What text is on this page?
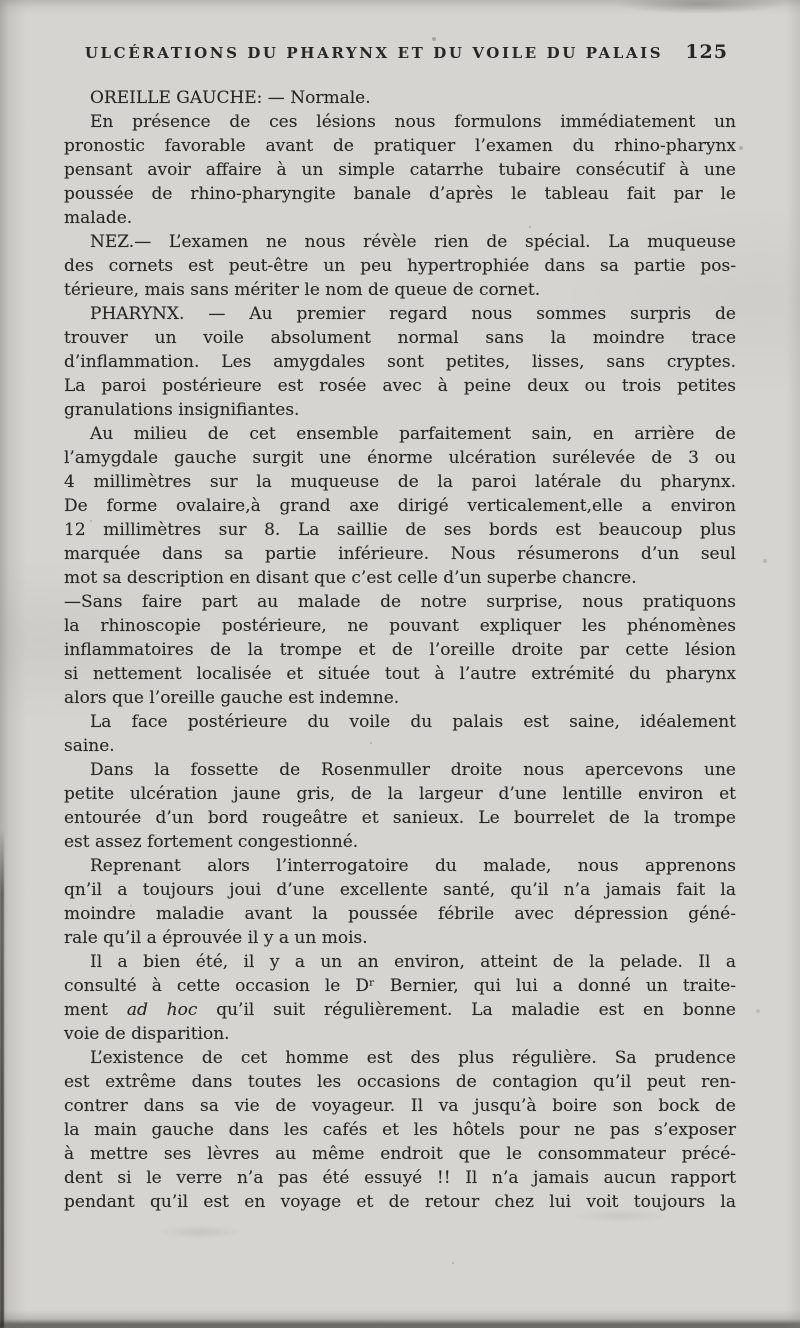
ULCÉRATIONS DU PHARYNX ET DU VOILE DU PALAIS	125
OREILLE GAUCHE: — Normale.
En présence de ces lésions nous formulons immédiatement un
pronostic favorable avant de pratiquer l’examen du rhino-pharynx
pensant avoir affaire à un simple catarrhe tubaire consécutif à une
poussée de rhino-pharyngite banale d’après le tableau fait par le
malade.
NEZ.— L’examen ne nous révèle rien de spécial. La muqueuse
des cornets est peut-être un peu hypertrophiée dans sa partie pos-
térieure, mais sans mériter le nom de queue de cornet.
PHARYNX. — Au premier regard nous sommes surpris de
trouver un voile absolument normal sans la moindre trace
d’inflammation. Les amygdales sont petites, lisses, sans cryptes.
La paroi postérieure est rosée avec à peine deux ou trois petites
granulations insignifiantes.
Au milieu de cet ensemble parfaitement sain, en arrière de
l’amygdale gauche surgit une énorme ulcération surélevée de 3 ou
4 millimètres sur la muqueuse de la paroi latérale du pharynx.
De forme ovalaire,à grand axe dirigé verticalement,elle a environ
12 millimètres sur 8. La saillie de ses bords est beaucoup plus
marquée dans sa partie inférieure. Nous résumerons d’un seul
mot sa description en disant que c’est celle d’un superbe chancre.
—Sans faire part au malade de notre surprise, nous pratiquons
la rhinoscopie postérieure, ne pouvant expliquer les phénomènes
inflammatoires de la trompe et de l’oreille droite par cette lésion
si nettement localisée et située tout à l’autre extrémité du pharynx
alors que l’oreille gauche est indemne.
La face postérieure du voile du palais est saine, idéalement
saine.
Dans la fossette de Rosenmuller droite nous apercevons une
petite ulcération jaune gris, de la largeur d’une lentille environ et
entourée d’un bord rougeâtre et sanieux. Le bourrelet de la trompe
est assez fortement congestionné.
Reprenant alors l’interrogatoire du malade, nous apprenons
qn’il a toujours joui d’une excellente santé, qu’il n’a jamais fait la
moindre maladie avant la poussée fébrile avec dépression géné-
rale qu’il a éprouvée il y a un mois.
Il a bien été, il y a un an environ, atteint de la pelade. Il a
consulté à cette occasion le Dʳ Bernier, qui lui a donné un traite-
ment ad hoc qu’il suit régulièrement. La maladie est en bonne
voie de disparition.
L’existence de cet homme est des plus régulière. Sa prudence
est extrême dans toutes les occasions de contagion qu’il peut ren-
contrer dans sa vie de voyageur. Il va jusqu’à boire son bock de
la main gauche dans les cafés et les hôtels pour ne pas s’exposer
à mettre ses lèvres au même endroit que le consommateur précé-
dent si le verre n’a pas été essuyé !! Il n’a jamais aucun rapport
pendant qu’il est en voyage et de retour chez lui voit toujours la
